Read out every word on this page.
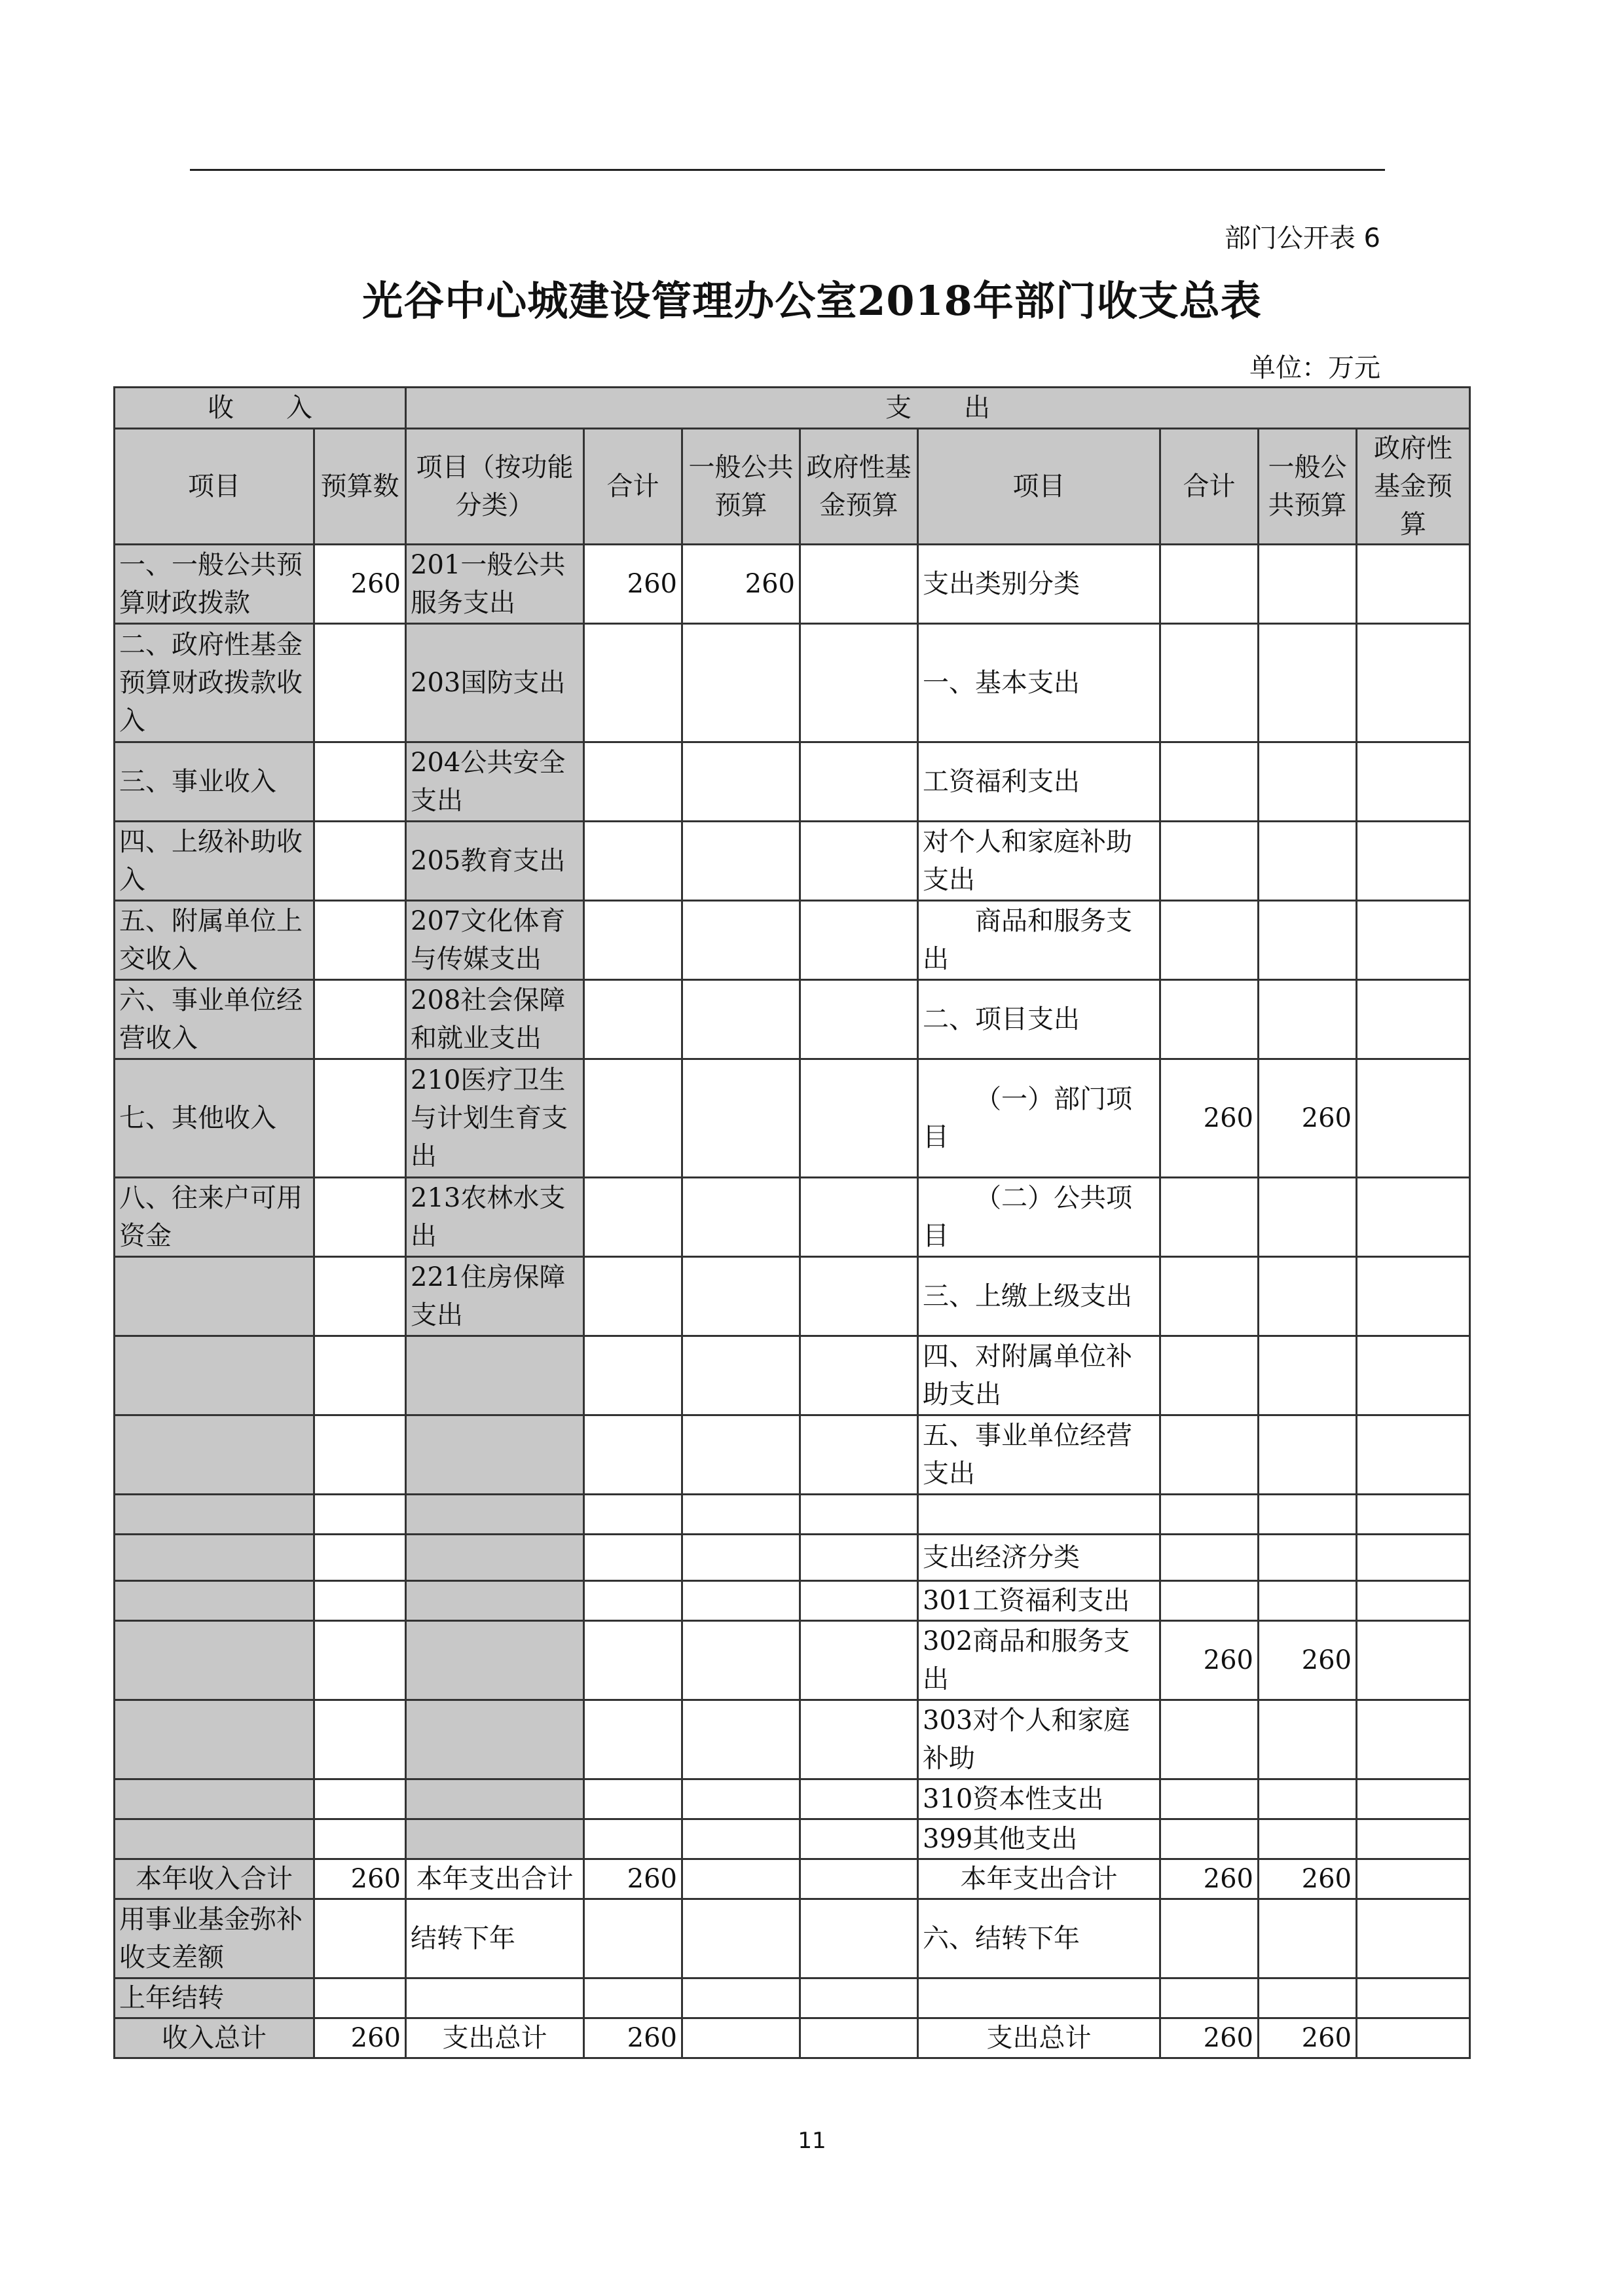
部门公开表 6
光谷中心城建设管理办公室2018年部门收支总表
单位：万元
收　　入		支　　出							
项目	预算数	项目（按功能分类）	合计	一般公共预算	政府性基金预算	项目	合计	一般公共预算	政府性基金预算
一、一般公共预算财政拨款	260	201一般公共服务支出	260	260		支出类别分类			
二、政府性基金预算财政拨款收入		203国防支出				一、基本支出			
三、事业收入		204公共安全支出				工资福利支出			
四、上级补助收入		205教育支出				对个人和家庭补助支出			
五、附属单位上交收入		207文化体育与传媒支出				商品和服务支出			
六、事业单位经营收入		208社会保障和就业支出				二、项目支出			
七、其他收入		210医疗卫生与计划生育支出				（一）部门项目	260	260	
八、往来户可用资金		213农林水支出				（二）公共项目			
		221住房保障支出				三、上缴上级支出			
						四、对附属单位补助支出			
						五、事业单位经营支出			

						支出经济分类			
						301工资福利支出			
						302商品和服务支出	260	260	
						303对个人和家庭补助			
						310资本性支出			
						399其他支出			
本年收入合计	260	本年支出合计	260			本年支出合计	260	260	
用事业基金弥补收支差额		结转下年				六、结转下年			
上年结转									
收入总计	260	支出总计	260			支出总计	260	260	
11
